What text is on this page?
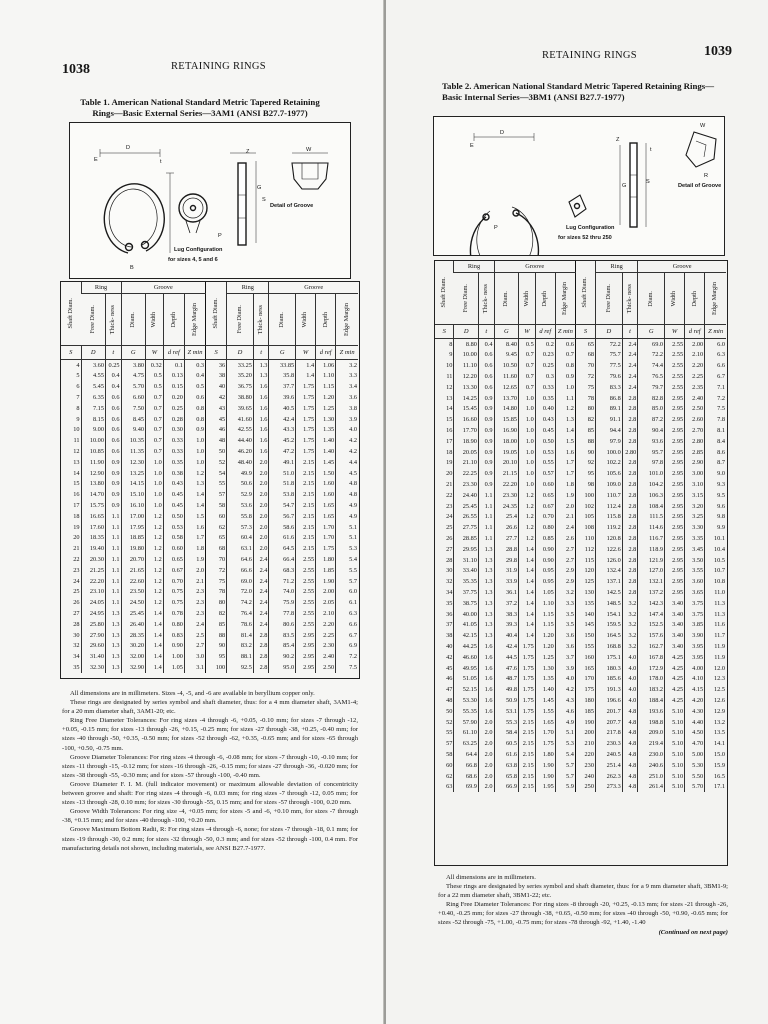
1038	RETAINING RINGS
Table 1. American National Standard Metric Tapered Retaining Rings—Basic External Series—3AM1 (ANSI B27.7-1977)
D
E	t
Z	W
G
S
P
B
Detail of Groove
Lug Configuration
for sizes 4, 5 and 6
Shaft Diam.	Ring		Groove				Shaft Diam.	Ring		Groove			

	Free Diam.	Thick- ness	Diam.	Width	Depth	Edge Margin		Free Diam.	Thick- ness	Diam.	Width	Depth	Edge Margin

S	D	t	G	W	d ref	Z min	S	D	t	G	W	d ref	Z min
4	3.60	0.25	3.80	0.32	0.1	0.3	36	33.25	1.3	33.85	1.4	1.06	3.2
5	4.55	0.4	4.75	0.5	0.13	0.4	38	35.20	1.3	35.8	1.4	1.10	3.3
6	5.45	0.4	5.70	0.5	0.15	0.5	40	36.75	1.6	37.7	1.75	1.15	3.4
7	6.35	0.6	6.60	0.7	0.20	0.6	42	38.80	1.6	39.6	1.75	1.20	3.6
8	7.15	0.6	7.50	0.7	0.25	0.8	43	39.65	1.6	40.5	1.75	1.25	3.8
9	8.15	0.6	8.45	0.7	0.28	0.8	45	41.60	1.6	42.4	1.75	1.30	3.9
10	9.00	0.6	9.40	0.7	0.30	0.9	46	42.55	1.6	43.3	1.75	1.35	4.0
11	10.00	0.6	10.35	0.7	0.33	1.0	48	44.40	1.6	45.2	1.75	1.40	4.2
12	10.85	0.6	11.35	0.7	0.33	1.0	50	46.20	1.6	47.2	1.75	1.40	4.2
13	11.90	0.9	12.30	1.0	0.35	1.0	52	48.40	2.0	49.1	2.15	1.45	4.4
14	12.90	0.9	13.25	1.0	0.38	1.2	54	49.9	2.0	51.0	2.15	1.50	4.5
15	13.80	0.9	14.15	1.0	0.43	1.3	55	50.6	2.0	51.8	2.15	1.60	4.8
16	14.70	0.9	15.10	1.0	0.45	1.4	57	52.9	2.0	53.8	2.15	1.60	4.8
17	15.75	0.9	16.10	1.0	0.45	1.4	58	53.6	2.0	54.7	2.15	1.65	4.9
18	16.65	1.1	17.00	1.2	0.50	1.5	60	55.8	2.0	56.7	2.15	1.65	4.9
19	17.60	1.1	17.95	1.2	0.53	1.6	62	57.3	2.0	58.6	2.15	1.70	5.1
20	18.35	1.1	18.85	1.2	0.58	1.7	65	60.4	2.0	61.6	2.15	1.70	5.1
21	19.40	1.1	19.80	1.2	0.60	1.8	68	63.1	2.0	64.5	2.15	1.75	5.3
22	20.30	1.1	20.70	1.2	0.65	1.9	70	64.6	2.4	66.4	2.55	1.80	5.4
23	21.25	1.1	21.65	1.2	0.67	2.0	72	66.6	2.4	68.3	2.55	1.85	5.5
24	22.20	1.1	22.60	1.2	0.70	2.1	75	69.0	2.4	71.2	2.55	1.90	5.7
25	23.10	1.1	23.50	1.2	0.75	2.3	78	72.0	2.4	74.0	2.55	2.00	6.0
26	24.05	1.1	24.50	1.2	0.75	2.3	80	74.2	2.4	75.9	2.55	2.05	6.1
27	24.95	1.3	25.45	1.4	0.78	2.3	82	76.4	2.4	77.8	2.55	2.10	6.3
28	25.80	1.3	26.40	1.4	0.80	2.4	85	78.6	2.4	80.6	2.55	2.20	6.6
30	27.90	1.3	28.35	1.4	0.83	2.5	88	81.4	2.8	83.5	2.95	2.25	6.7
32	29.60	1.3	30.20	1.4	0.90	2.7	90	83.2	2.8	85.4	2.95	2.30	6.9
34	31.40	1.3	32.00	1.4	1.00	3.0	95	88.1	2.8	90.2	2.95	2.40	7.2
35	32.30	1.3	32.90	1.4	1.05	3.1	100	92.5	2.8	95.0	2.95	2.50	7.5

All dimensions are in millimeters. Sizes -4, -5, and -6 are available in beryllium copper only.

These rings are designated by series symbol and shaft diameter, thus: for a 4 mm diameter shaft, 3AM1-4; for a 20 mm diameter shaft, 3AM1-20; etc.

Ring Free Diameter Tolerances: For ring sizes -4 through -6, +0.05, -0.10 mm; for sizes -7 through -12, +0.05, -0.15 mm; for sizes -13 through -26, +0.15, -0.25 mm; for sizes -27 through -38, +0.25, -0.40 mm; for sizes -40 through -50, +0.35, -0.50 mm; for sizes -52 through -62, +0.35, -0.65 mm; and for sizes -65 through -100, +0.50, -0.75 mm.

Groove Diameter Tolerances: For ring sizes -4 through -6, -0.08 mm; for sizes -7 through -10, -0.10 mm; for sizes -11 through -15, -0.12 mm; for sizes -16 through -26, -0.15 mm; for sizes -27 through -36, -0.020 mm; for sizes -38 through -55, -0.30 mm; and for sizes -57 through -100, -0.40 mm.

Groove Diameter F. I. M. (full indicator movement) or maximum allowable deviation of concentricity between groove and shaft: For ring sizes -4 through -6, 0.03 mm; for ring sizes -7 through -12, 0.05 mm; for sizes -13 through -28, 0.10 mm; for sizes -30 through -55, 0.15 mm; and for sizes -57 through -100, 0.20 mm.

Groove Width Tolerances: For ring size -4, +0.05 mm; for sizes -5 and -6, +0.10 mm, for sizes -7 through -38, +0.15 mm; and for sizes -40 through -100, +0.20 mm.

Groove Maximum Bottom Radii, R: For ring sizes -4 through -6, none; for sizes -7 through -18, 0.1 mm; for sizes -19 through -30, 0.2 mm; for sizes -32 through -50, 0.3 mm; and for sizes -52 through -100, 0.4 mm. For manufacturing details not shown, including materials, see ANSI B27.7-1977.

RETAINING RINGS	1039
Table 2. American National Standard Metric Tapered Retaining Rings—Basic Internal Series—3BM1 (ANSI B27.7-1977)
D
E
t
Z
S
G
P
W
R
Detail of Groove
Lug Configuration
for sizes 52 thru 250
Shaft Diam.	Ring		Groove				Shaft Diam.	Ring		Groove			

	Free Diam.	Thick- ness	Diam.	Width	Depth	Edge Margin		Free Diam.	Thick- ness	Diam.	Width	Depth	Edge Margin

S	D	t	G	W	d ref	Z min	S	D	t	G	W	d ref	Z min
8	8.80	0.4	8.40	0.5	0.2	0.6	65	72.2	2.4	69.0	2.55	2.00	6.0
9	10.00	0.6	9.45	0.7	0.23	0.7	68	75.7	2.4	72.2	2.55	2.10	6.3
10	11.10	0.6	10.50	0.7	0.25	0.8	70	77.5	2.4	74.4	2.55	2.20	6.6
11	12.20	0.6	11.60	0.7	0.3	0.9	72	79.6	2.4	76.5	2.55	2.25	6.7
12	13.30	0.6	12.65	0.7	0.33	1.0	75	83.3	2.4	79.7	2.55	2.35	7.1
13	14.25	0.9	13.70	1.0	0.35	1.1	78	86.8	2.8	82.8	2.95	2.40	7.2
14	15.45	0.9	14.80	1.0	0.40	1.2	80	89.1	2.8	85.0	2.95	2.50	7.5
15	16.60	0.9	15.85	1.0	0.43	1.3	82	91.1	2.8	87.2	2.95	2.60	7.8
16	17.70	0.9	16.90	1.0	0.45	1.4	85	94.4	2.8	90.4	2.95	2.70	8.1
17	18.90	0.9	18.00	1.0	0.50	1.5	88	97.9	2.8	93.6	2.95	2.80	8.4
18	20.05	0.9	19.05	1.0	0.53	1.6	90	100.0	2.80	95.7	2.95	2.85	8.6
19	21.10	0.9	20.10	1.0	0.55	1.7	92	102.2	2.8	97.8	2.95	2.90	8.7
20	22.25	0.9	21.15	1.0	0.57	1.7	95	105.6	2.8	101.0	2.95	3.00	9.0
21	23.30	0.9	22.20	1.0	0.60	1.8	98	109.0	2.8	104.2	2.95	3.10	9.3
22	24.40	1.1	23.30	1.2	0.65	1.9	100	110.7	2.8	106.3	2.95	3.15	9.5
23	25.45	1.1	24.35	1.2	0.67	2.0	102	112.4	2.8	108.4	2.95	3.20	9.6
24	26.55	1.1	25.4	1.2	0.70	2.1	105	115.8	2.8	111.5	2.95	3.25	9.8
25	27.75	1.1	26.6	1.2	0.80	2.4	108	119.2	2.8	114.6	2.95	3.30	9.9
26	28.85	1.1	27.7	1.2	0.85	2.6	110	120.8	2.8	116.7	2.95	3.35	10.1
27	29.95	1.3	28.8	1.4	0.90	2.7	112	122.6	2.8	118.9	2.95	3.45	10.4
28	31.10	1.3	29.8	1.4	0.90	2.7	115	126.0	2.8	121.9	2.95	3.50	10.5
30	33.40	1.3	31.9	1.4	0.95	2.9	120	132.4	2.8	127.0	2.95	3.55	10.7
32	35.35	1.3	33.9	1.4	0.95	2.9	125	137.1	2.8	132.1	2.95	3.60	10.8
34	37.75	1.3	36.1	1.4	1.05	3.2	130	142.5	2.8	137.2	2.95	3.65	11.0
35	38.75	1.3	37.2	1.4	1.10	3.3	135	148.5	3.2	142.3	3.40	3.75	11.3
36	40.00	1.3	38.3	1.4	1.15	3.5	140	154.1	3.2	147.4	3.40	3.75	11.3
37	41.05	1.3	39.3	1.4	1.15	3.5	145	159.5	3.2	152.5	3.40	3.85	11.6
38	42.15	1.3	40.4	1.4	1.20	3.6	150	164.5	3.2	157.6	3.40	3.90	11.7
40	44.25	1.6	42.4	1.75	1.20	3.6	155	168.8	3.2	162.7	3.40	3.95	11.9
42	46.60	1.6	44.5	1.75	1.25	3.7	160	175.1	4.0	167.8	4.25	3.95	11.9
45	49.95	1.6	47.6	1.75	1.30	3.9	165	180.3	4.0	172.9	4.25	4.00	12.0
46	51.05	1.6	48.7	1.75	1.35	4.0	170	185.6	4.0	178.0	4.25	4.10	12.3
47	52.15	1.6	49.8	1.75	1.40	4.2	175	191.3	4.0	183.2	4.25	4.15	12.5
48	53.30	1.6	50.9	1.75	1.45	4.3	180	196.6	4.0	188.4	4.25	4.20	12.6
50	55.35	1.6	53.1	1.75	1.55	4.6	185	201.7	4.8	193.6	5.10	4.30	12.9
52	57.90	2.0	55.3	2.15	1.65	4.9	190	207.7	4.8	198.8	5.10	4.40	13.2
55	61.10	2.0	58.4	2.15	1.70	5.1	200	217.8	4.8	209.0	5.10	4.50	13.5
57	63.25	2.0	60.5	2.15	1.75	5.3	210	230.3	4.8	219.4	5.10	4.70	14.1
58	64.4	2.0	61.6	2.15	1.80	5.4	220	240.5	4.8	230.0	5.10	5.00	15.0
60	66.8	2.0	63.8	2.15	1.90	5.7	230	251.4	4.8	240.6	5.10	5.30	15.9
62	68.6	2.0	65.8	2.15	1.90	5.7	240	262.3	4.8	251.0	5.10	5.50	16.5
63	69.9	2.0	66.9	2.15	1.95	5.9	250	273.3	4.8	261.4	5.10	5.70	17.1

All dimensions are in millimeters.

These rings are designated by series symbol and shaft diameter, thus: for a 9 mm diameter shaft, 3BM1-9; for a 22 mm diameter shaft, 3BM1-22; etc.

Ring Free Diameter Tolerances: For ring sizes -8 through -20, +0.25, -0.13 mm; for sizes -21 through -26, +0.40, -0.25 mm; for sizes -27 through -38, +0.65, -0.50 mm; for sizes -40 through -50, +0.90, -0.65 mm; for sizes -52 through -75, +1.00, -0.75 mm; for sizes -78 through -92, +1.40, -1.40

(Continued on next page)
